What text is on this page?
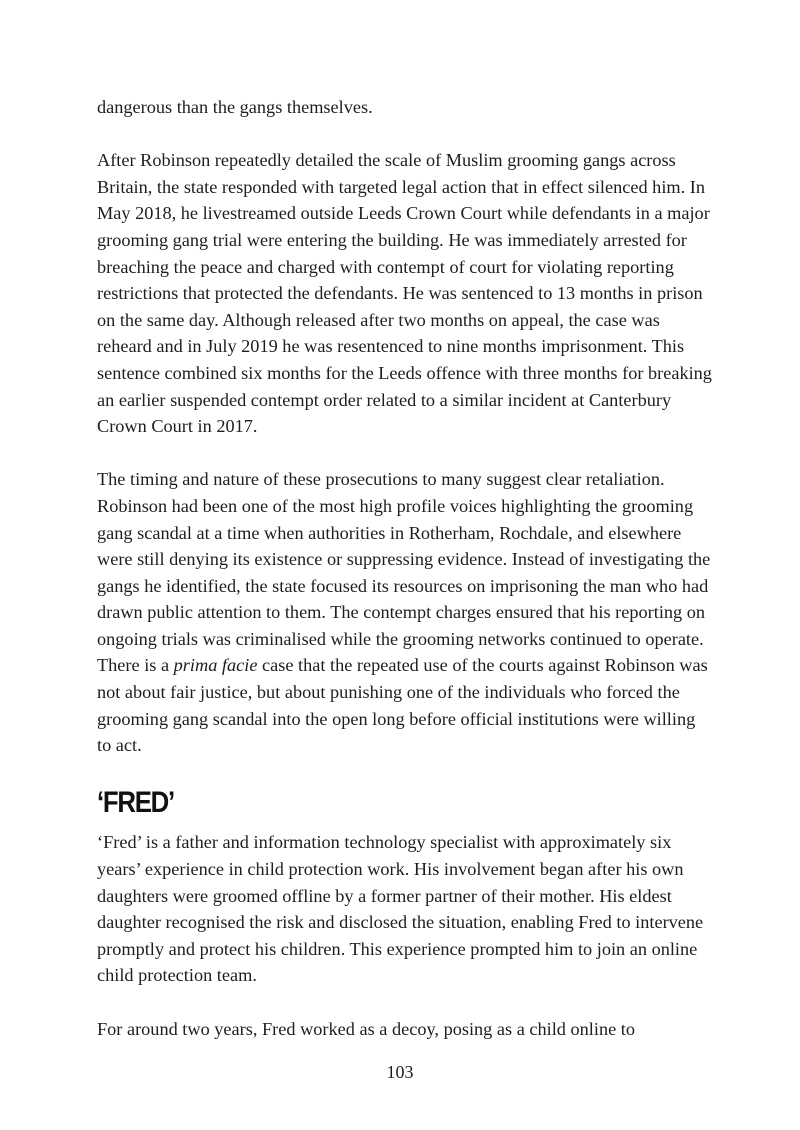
dangerous than the gangs themselves.

After Robinson repeatedly detailed the scale of Muslim grooming gangs across Britain, the state responded with targeted legal action that in effect silenced him. In May 2018, he livestreamed outside Leeds Crown Court while defendants in a major grooming gang trial were entering the building. He was immediately arrested for breaching the peace and charged with contempt of court for violating reporting restrictions that protected the defendants. He was sentenced to 13 months in prison on the same day. Although released after two months on appeal, the case was reheard and in July 2019 he was resentenced to nine months imprisonment. This sentence combined six months for the Leeds offence with three months for breaking an earlier suspended contempt order related to a similar incident at Canterbury Crown Court in 2017.

The timing and nature of these prosecutions to many suggest clear retaliation. Robinson had been one of the most high profile voices highlighting the grooming gang scandal at a time when authorities in Rotherham, Rochdale, and elsewhere were still denying its existence or suppressing evidence. Instead of investigating the gangs he identified, the state focused its resources on imprisoning the man who had drawn public attention to them. The contempt charges ensured that his reporting on ongoing trials was criminalised while the grooming networks continued to operate. There is a prima facie case that the repeated use of the courts against Robinson was not about fair justice, but about punishing one of the individuals who forced the grooming gang scandal into the open long before official institutions were willing to act.

‘FRED’

‘Fred’ is a father and information technology specialist with approximately six years’ experience in child protection work. His involvement began after his own daughters were groomed offline by a former partner of their mother. His eldest daughter recognised the risk and disclosed the situation, enabling Fred to intervene promptly and protect his children. This experience prompted him to join an online child protection team.

For around two years, Fred worked as a decoy, posing as a child online to

103
